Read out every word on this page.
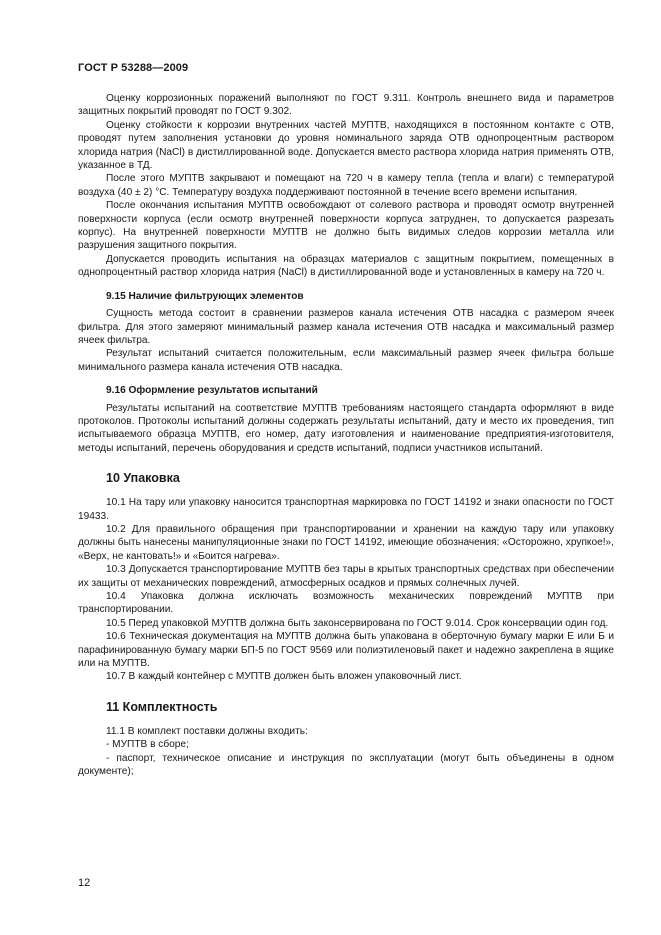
ГОСТ Р 53288—2009

Оценку коррозионных поражений выполняют по ГОСТ 9.311. Контроль внешнего вида и параметров защитных покрытий проводят по ГОСТ 9.302.

Оценку стойкости к коррозии внутренних частей МУПТВ, находящихся в постоянном контакте с ОТВ, проводят путем заполнения установки до уровня номинального заряда ОТВ однопроцентным раствором хлорида натрия (NaCl) в дистиллированной воде. Допускается вместо раствора хлорида натрия применять ОТВ, указанное в ТД.

После этого МУПТВ закрывают и помещают на 720 ч в камеру тепла (тепла и влаги) с температурой воздуха (40 ± 2) °С. Температуру воздуха поддерживают постоянной в течение всего времени испытания.

После окончания испытания МУПТВ освобождают от солевого раствора и проводят осмотр внутренней поверхности корпуса (если осмотр внутренней поверхности корпуса затруднен, то допускается разрезать корпус). На внутренней поверхности МУПТВ не должно быть видимых следов коррозии металла или разрушения защитного покрытия.

Допускается проводить испытания на образцах материалов с защитным покрытием, помещенных в однопроцентный раствор хлорида натрия (NaCl) в дистиллированной воде и установленных в камеру на 720 ч.

9.15 Наличие фильтрующих элементов

Сущность метода состоит в сравнении размеров канала истечения ОТВ насадка с размером ячеек фильтра. Для этого замеряют минимальный размер канала истечения ОТВ насадка и максимальный размер ячеек фильтра.

Результат испытаний считается положительным, если максимальный размер ячеек фильтра больше минимального размера канала истечения ОТВ насадка.

9.16 Оформление результатов испытаний

Результаты испытаний на соответствие МУПТВ требованиям настоящего стандарта оформляют в виде протоколов. Протоколы испытаний должны содержать результаты испытаний, дату и место их проведения, тип испытываемого образца МУПТВ, его номер, дату изготовления и наименование предприятия-изготовителя, методы испытаний, перечень оборудования и средств испытаний, подписи участников испытаний.

10 Упаковка

10.1 На тару или упаковку наносится транспортная маркировка по ГОСТ 14192 и знаки опасности по ГОСТ 19433.

10.2 Для правильного обращения при транспортировании и хранении на каждую тару или упаковку должны быть нанесены манипуляционные знаки по ГОСТ 14192, имеющие обозначения: «Осторожно, хрупкое!», «Верх, не кантовать!» и «Боится нагрева».

10.3 Допускается транспортирование МУПТВ без тары в крытых транспортных средствах при обеспечении их защиты от механических повреждений, атмосферных осадков и прямых солнечных лучей.

10.4 Упаковка должна исключать возможность механических повреждений МУПТВ при транспортировании.

10.5 Перед упаковкой МУПТВ должна быть законсервирована по ГОСТ 9.014. Срок консервации один год.

10.6 Техническая документация на МУПТВ должна быть упакована в оберточную бумагу марки Е или Б и парафинированную бумагу марки БП-5 по ГОСТ 9569 или полиэтиленовый пакет и надежно закреплена в ящике или на МУПТВ.

10.7 В каждый контейнер с МУПТВ должен быть вложен упаковочный лист.

11 Комплектность

11.1 В комплект поставки должны входить:

- МУПТВ в сборе;

- паспорт, техническое описание и инструкция по эксплуатации (могут быть объединены в одном документе);

12
